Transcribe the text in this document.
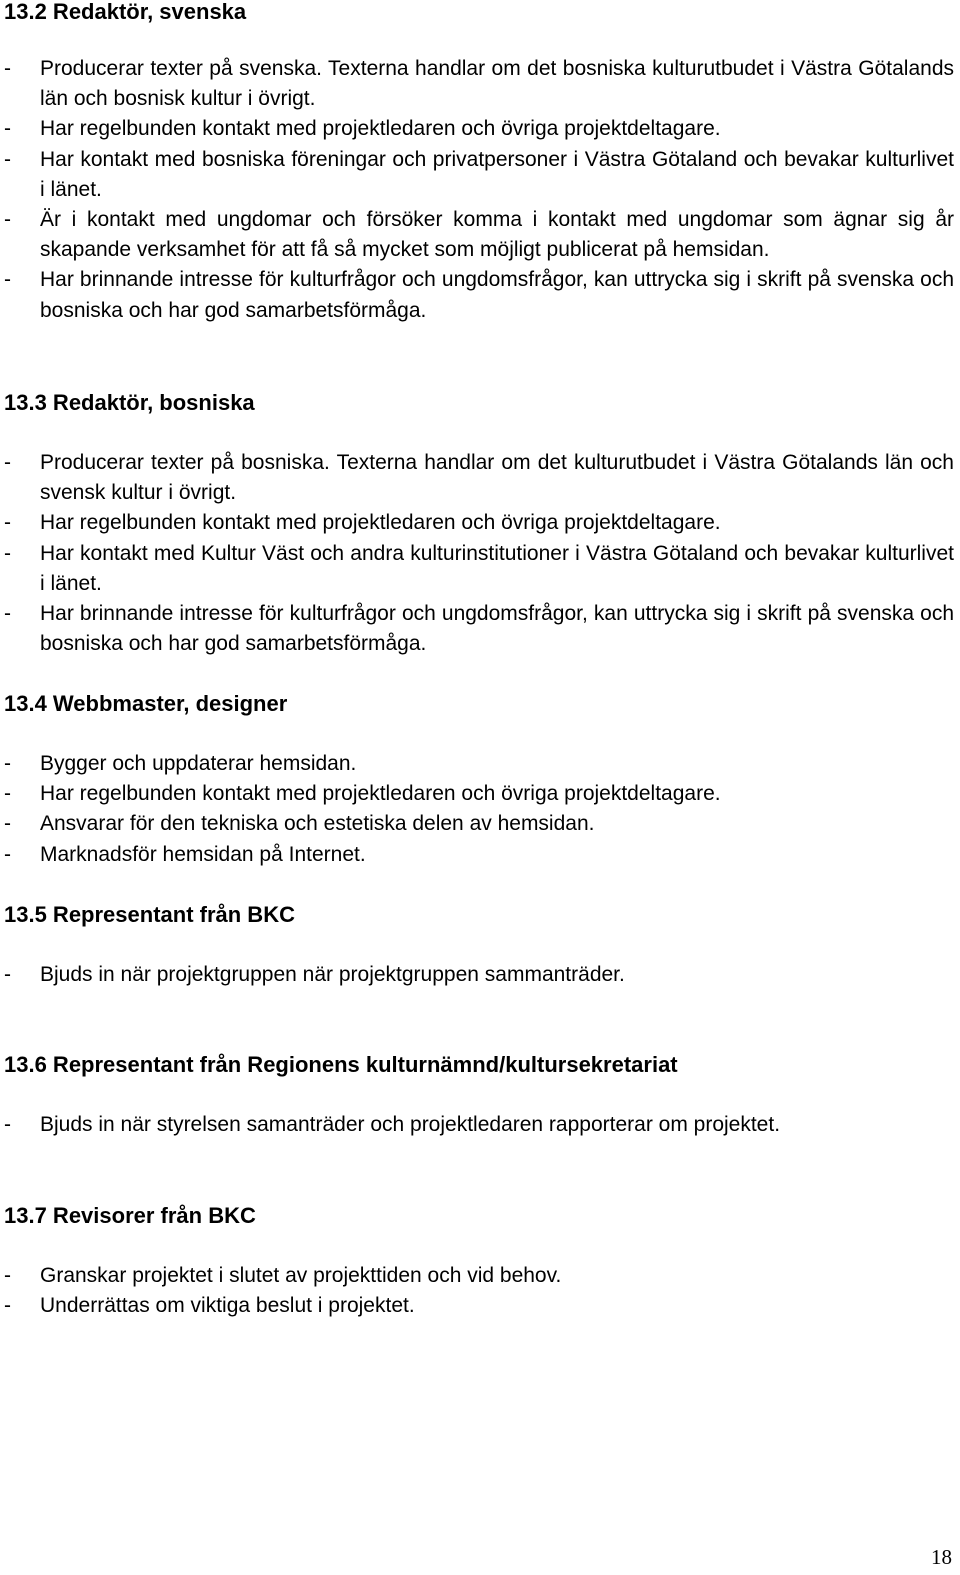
13.2 Redaktör, svenska
- Producerar texter på svenska. Texterna handlar om det bosniska kulturutbudet i Västra Götalands län och bosnisk kultur i övrigt.
- Har regelbunden kontakt med projektledaren och övriga projektdeltagare.
- Har kontakt med bosniska föreningar och privatpersoner i Västra Götaland och bevakar kulturlivet i länet.
- Är i kontakt med ungdomar och försöker komma i kontakt med ungdomar som ägnar sig år skapande verksamhet för att få så mycket som möjligt publicerat på hemsidan.
- Har brinnande intresse för kulturfrågor och ungdomsfrågor, kan uttrycka sig i skrift på svenska och bosniska och har god samarbetsförmåga.
13.3 Redaktör, bosniska
- Producerar texter på bosniska. Texterna handlar om det kulturutbudet i Västra Götalands län och svensk kultur i övrigt.
- Har regelbunden kontakt med projektledaren och övriga projektdeltagare.
- Har kontakt med Kultur Väst och andra kulturinstitutioner i Västra Götaland och bevakar kulturlivet i länet.
- Har brinnande intresse för kulturfrågor och ungdomsfrågor, kan uttrycka sig i skrift på svenska och bosniska och har god samarbetsförmåga.
13.4 Webbmaster, designer
- Bygger och uppdaterar hemsidan.
- Har regelbunden kontakt med projektledaren och övriga projektdeltagare.
- Ansvarar för den tekniska och estetiska delen av hemsidan.
- Marknadsför hemsidan på Internet.
13.5 Representant från BKC
- Bjuds in när projektgruppen när projektgruppen sammanträder.
13.6 Representant från Regionens kulturnämnd/kultursekretariat
- Bjuds in när styrelsen samanträder och projektledaren rapporterar om projektet.
13.7 Revisorer från BKC
- Granskar projektet i slutet av projekttiden och vid behov.
- Underrättas om viktiga beslut i projektet.
18
